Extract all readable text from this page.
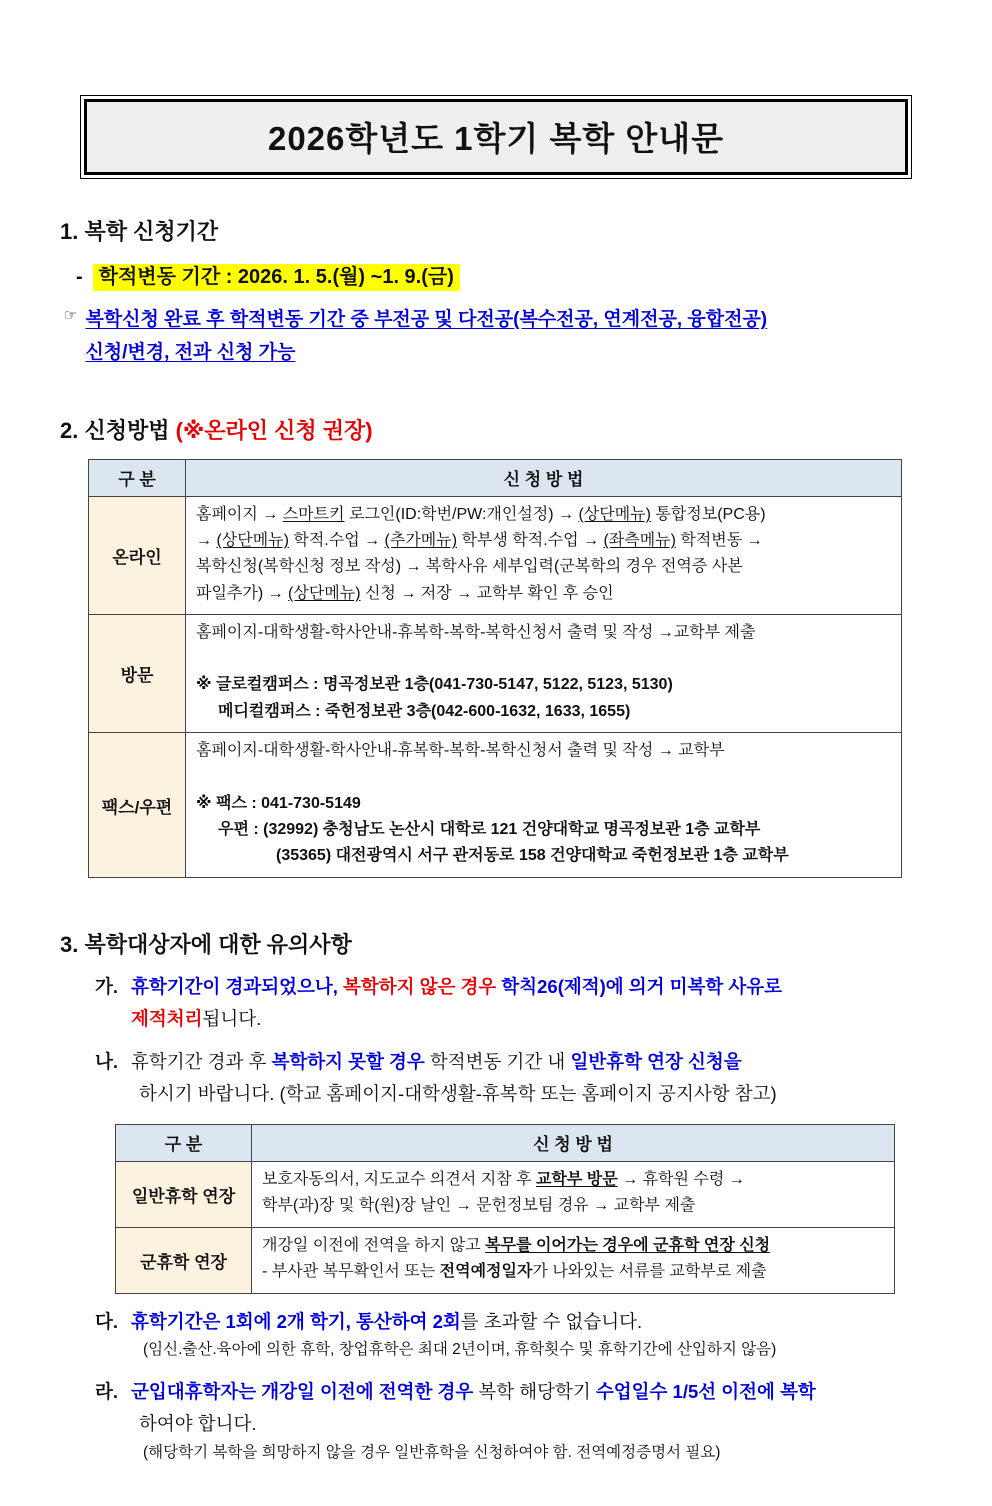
2026학년도 1학기 복학 안내문
1. 복학 신청기간
- 학적변동 기간 : 2026. 1. 5.(월) ~1. 9.(금)
☞ 복학신청 완료 후 학적변동 기간 중 부전공 및 다전공(복수전공, 연계전공, 융합전공)
신청/변경, 전과 신청 가능
2. 신청방법 (※온라인 신청 권장)
구 분	신 청 방 법
온라인	홈페이지 → 스마트키 로그인(ID:학번/PW:개인설정) → (상단메뉴) 통합정보(PC용)
→ (상단메뉴) 학적.수업 → (추가메뉴) 학부생 학적.수업 → (좌측메뉴) 학적변동 →
복학신청(복학신청 정보 작성) → 복학사유 세부입력(군복학의 경우 전역증 사본
파일추가) → (상단메뉴) 신청 → 저장 → 교학부 확인 후 승인

방문	홈페이지-대학생활-학사안내-휴복학-복학-복학신청서 출력 및 작성 →교학부 제출
※ 글로컬캠퍼스 : 명곡정보관 1층(041-730-5147, 5122, 5123, 5130)
메디컬캠퍼스 : 죽헌정보관 3층(042-600-1632, 1633, 1655)

팩스/우편	홈페이지-대학생활-학사안내-휴복학-복학-복학신청서 출력 및 작성 → 교학부
※ 팩스 : 041-730-5149
우편 : (32992) 충청남도 논산시 대학로 121 건양대학교 명곡정보관 1층 교학부
(35365) 대전광역시 서구 관저동로 158 건양대학교 죽헌정보관 1층 교학부
3. 복학대상자에 대한 유의사항
가. 휴학기간이 경과되었으나, 복학하지 않은 경우 학칙26(제적)에 의거 미복학 사유로
제적처리됩니다.
나. 휴학기간 경과 후 복학하지 못할 경우 학적변동 기간 내 일반휴학 연장 신청을
하시기 바랍니다. (학교 홈페이지-대학생활-휴복학 또는 홈페이지 공지사항 참고)
구 분	신 청 방 법
일반휴학 연장	보호자동의서, 지도교수 의견서 지참 후 교학부 방문 → 휴학원 수령 →
학부(과)장 및 학(원)장 날인 → 문헌정보팀 경유 → 교학부 제출

군휴학 연장	개강일 이전에 전역을 하지 않고 복무를 이어가는 경우에 군휴학 연장 신청
- 부사관 복무확인서 또는 전역예정일자가 나와있는 서류를 교학부로 제출
다. 휴학기간은 1회에 2개 학기, 통산하여 2회를 초과할 수 없습니다.
(임신.출산.육아에 의한 휴학, 창업휴학은 최대 2년이며, 휴학횟수 및 휴학기간에 산입하지 않음)
라. 군입대휴학자는 개강일 이전에 전역한 경우 복학 해당학기 수업일수 1/5선 이전에 복학
하여야 합니다.
(해당학기 복학을 희망하지 않을 경우 일반휴학을 신청하여야 함. 전역예정증명서 필요)
